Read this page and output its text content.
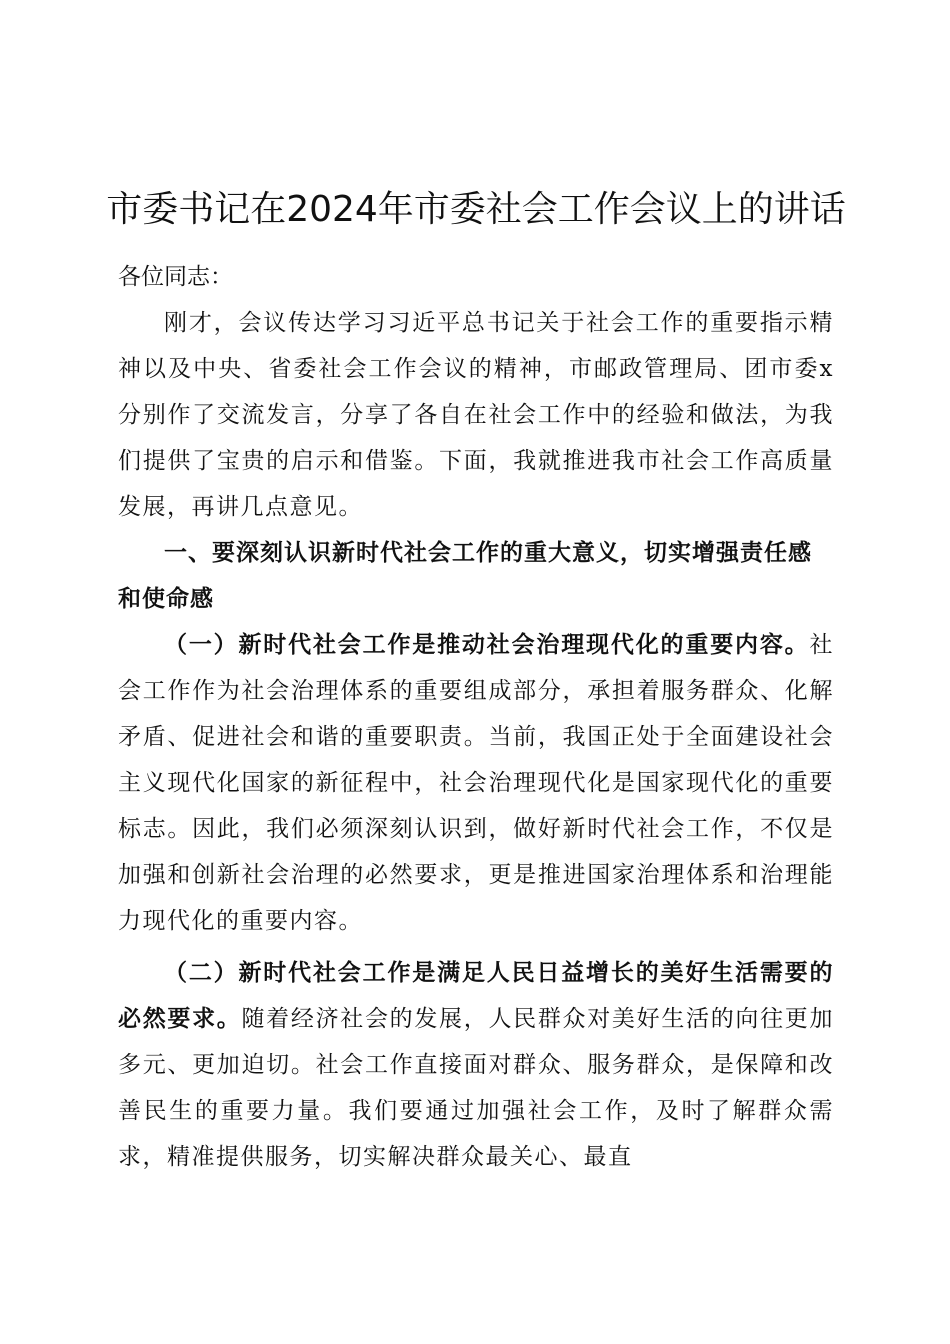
市委书记在2024年市委社会工作会议上的讲话

各位同志：

刚才，会议传达学习习近平总书记关于社会工作的重要指示精神以及中央、省委社会工作会议的精神，市邮政管理局、团市委x分别作了交流发言，分享了各自在社会工作中的经验和做法，为我们提供了宝贵的启示和借鉴。下面，我就推进我市社会工作高质量发展，再讲几点意见。

一、要深刻认识新时代社会工作的重大意义，切实增强责任感和使命感

（一）新时代社会工作是推动社会治理现代化的重要内容。社会工作作为社会治理体系的重要组成部分，承担着服务群众、化解矛盾、促进社会和谐的重要职责。当前，我国正处于全面建设社会主义现代化国家的新征程中，社会治理现代化是国家现代化的重要标志。因此，我们必须深刻认识到，做好新时代社会工作，不仅是加强和创新社会治理的必然要求，更是推进国家治理体系和治理能力现代化的重要内容。

（二）新时代社会工作是满足人民日益增长的美好生活需要的必然要求。随着经济社会的发展，人民群众对美好生活的向往更加多元、更加迫切。社会工作直接面对群众、服务群众，是保障和改善民生的重要力量。我们要通过加强社会工作，及时了解群众需求，精准提供服务，切实解决群众最关心、最直
